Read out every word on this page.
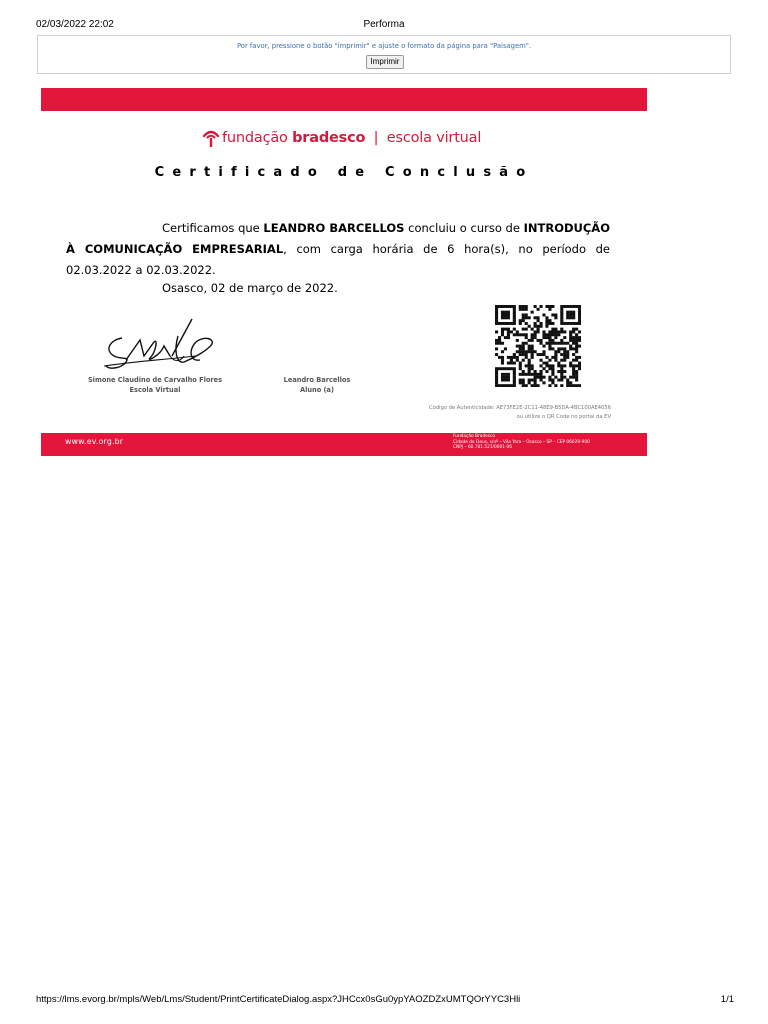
02/03/2022 22:02	Performa
Por favor, pressione o botão "imprimir" e ajuste o formato da página para "Paisagem".
Imprimir
fundação bradesco | escola virtual
Certificado de Conclusão
Certificamos que LEANDRO BARCELLOS concluiu o curso de INTRODUÇÃO À COMUNICAÇÃO EMPRESARIAL, com carga horária de 6 hora(s), no período de 02.03.2022 a 02.03.2022.
Osasco, 02 de março de 2022.
Simone Claudino de Carvalho Flores
Escola Virtual
Leandro Barcellos
Aluno (a)
Código de Autenticidade: AE73FE2E-2C11-48E9-B5DA-4BC100AE4056
ou utilize o QR Code no portal da EV
www.ev.org.br
Fundação Bradesco
Cidade de Deus, s/nº – Vila Yara – Osasco – SP – CEP 06029-900
CNPJ – 60.701.521/0001-06
https://lms.evorg.br/mpls/Web/Lms/Student/PrintCertificateDialog.aspx?JHCcx0sGu0ypYAOZDZxUMTQOrYYC3Hli	1/1
